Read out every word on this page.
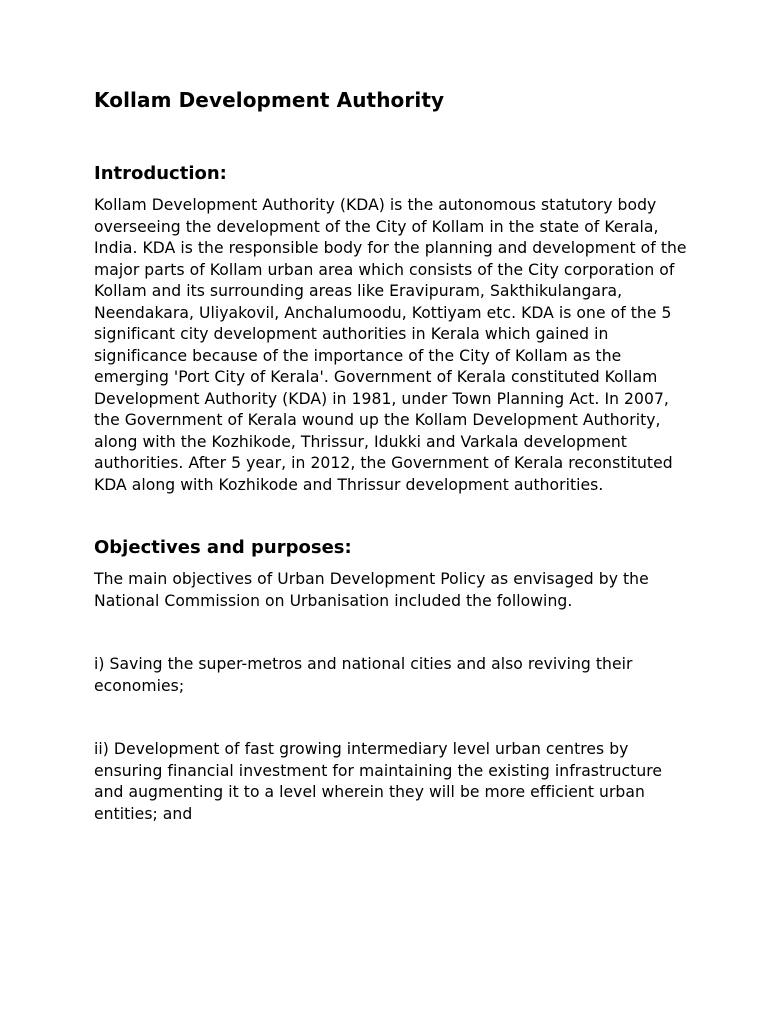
Kollam Development Authority
Introduction:

Kollam Development Authority (KDA) is the autonomous statutory body overseeing the development of the City of Kollam in the state of Kerala, India. KDA is the responsible body for the planning and development of the major parts of Kollam urban area which consists of the City corporation of Kollam and its surrounding areas like Eravipuram, Sakthikulangara, Neendakara, Uliyakovil, Anchalumoodu, Kottiyam etc. KDA is one of the 5 significant city development authorities in Kerala which gained in significance because of the importance of the City of Kollam as the emerging 'Port City of Kerala'. Government of Kerala constituted Kollam Development Authority (KDA) in 1981, under Town Planning Act. In 2007, the Government of Kerala wound up the Kollam Development Authority, along with the Kozhikode, Thrissur, Idukki and Varkala development authorities. After 5 year, in 2012, the Government of Kerala reconstituted KDA along with Kozhikode and Thrissur development authorities.

Objectives and purposes:

The main objectives of Urban Development Policy as envisaged by the National Commission on Urbanisation included the following.

i) Saving the super-metros and national cities and also reviving their economies;

ii) Development of fast growing intermediary level urban centres by ensuring financial investment for maintaining the existing infrastructure and augmenting it to a level wherein they will be more efficient urban entities; and
